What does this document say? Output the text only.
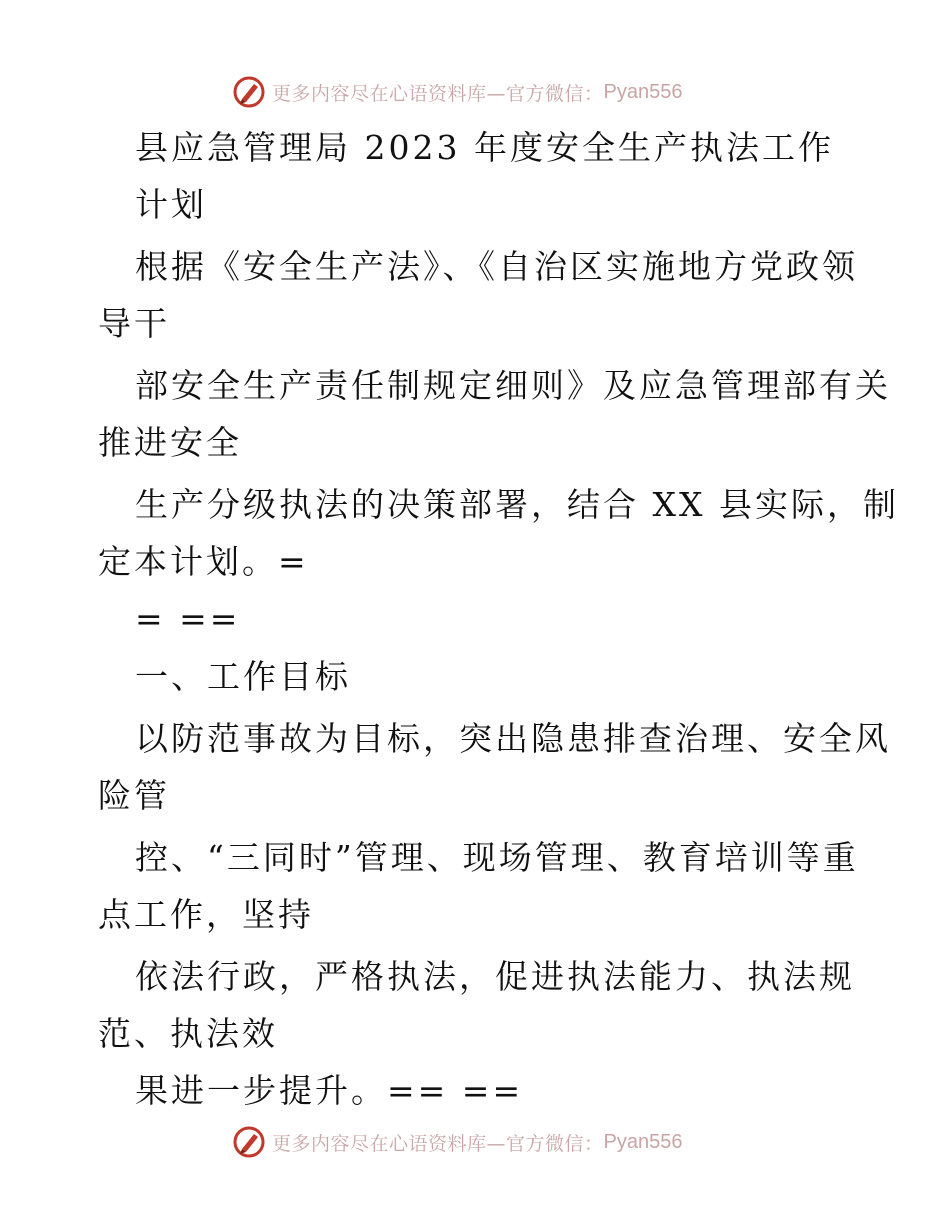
更多内容尽在心语资料库—官方微信： Pyan556
县应急管理局 2023 年度安全生产执法工作
计划
根据《安全生产法》、《自治区实施地方党政领
导干
部安全生产责任制规定细则》及应急管理部有关
推进安全
生产分级执法的决策部署，结合 XX 县实际，制
定本计划。=
= ==
一、工作目标
以防范事故为目标，突出隐患排查治理、安全风
险管
控、“三同时”管理、现场管理、教育培训等重
点工作，坚持
依法行政，严格执法，促进执法能力、执法规
范、执法效
果进一步提升。== ==
更多内容尽在心语资料库—官方微信： Pyan556
